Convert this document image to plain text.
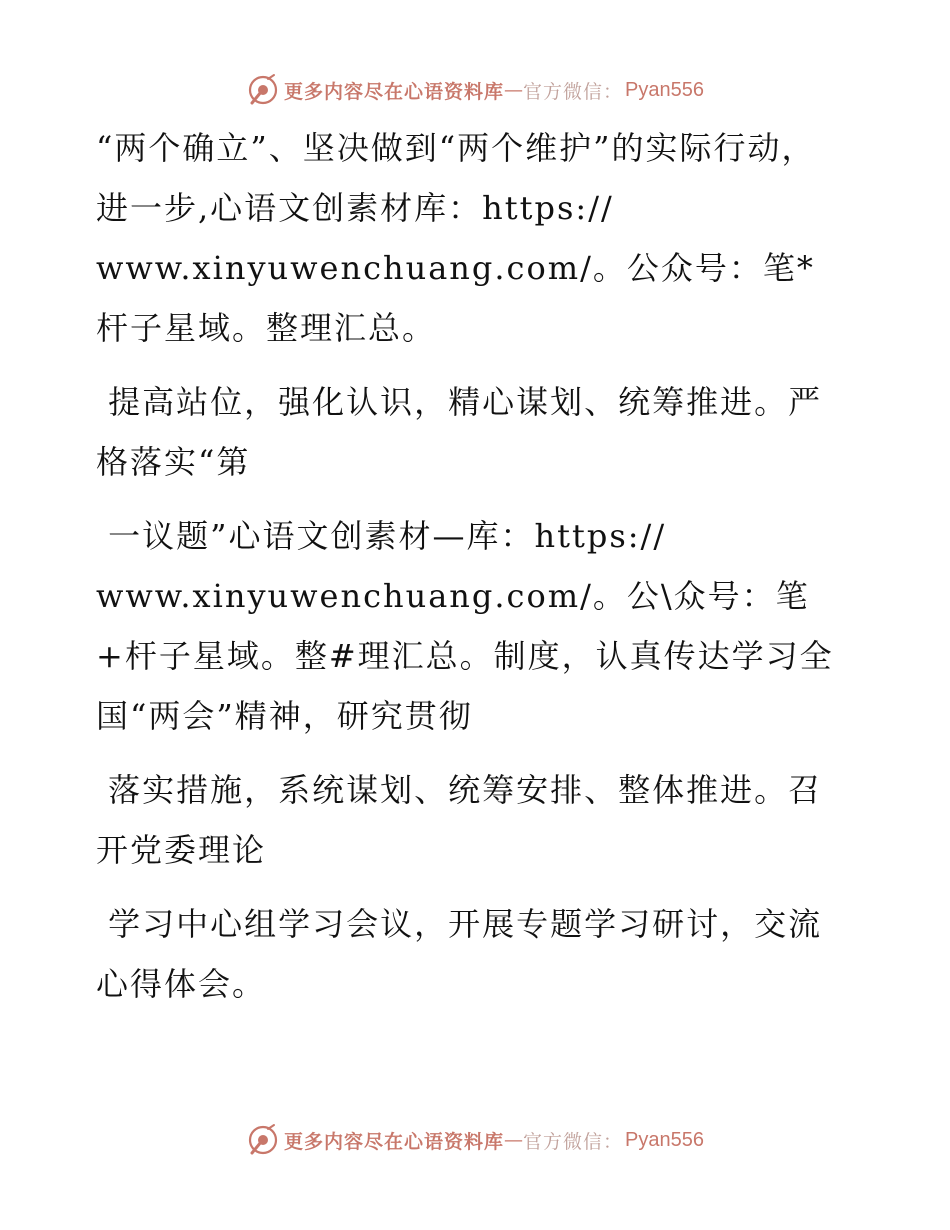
更多内容尽在心语资料库 — 官方微信： Pyan556

“两个确立”、坚决做到“两个维护”的实际行动，进一步,心语文创素材库：https://
www.xinyuwenchuang.com/。公众号：笔*杆子星域。整理汇总。

提高站位，强化认识，精心谋划、统筹推进。严格落实“第

一议题”心语文创素材—库：https://
www.xinyuwenchuang.com/。公\众号：笔+杆子星域。整#理汇总。制度，认真传达学习全国“两会”精神，研究贯彻

落实措施，系统谋划、统筹安排、整体推进。召开党委理论

学习中心组学习会议，开展专题学习研讨，交流心得体会。

更多内容尽在心语资料库 — 官方微信： Pyan556
